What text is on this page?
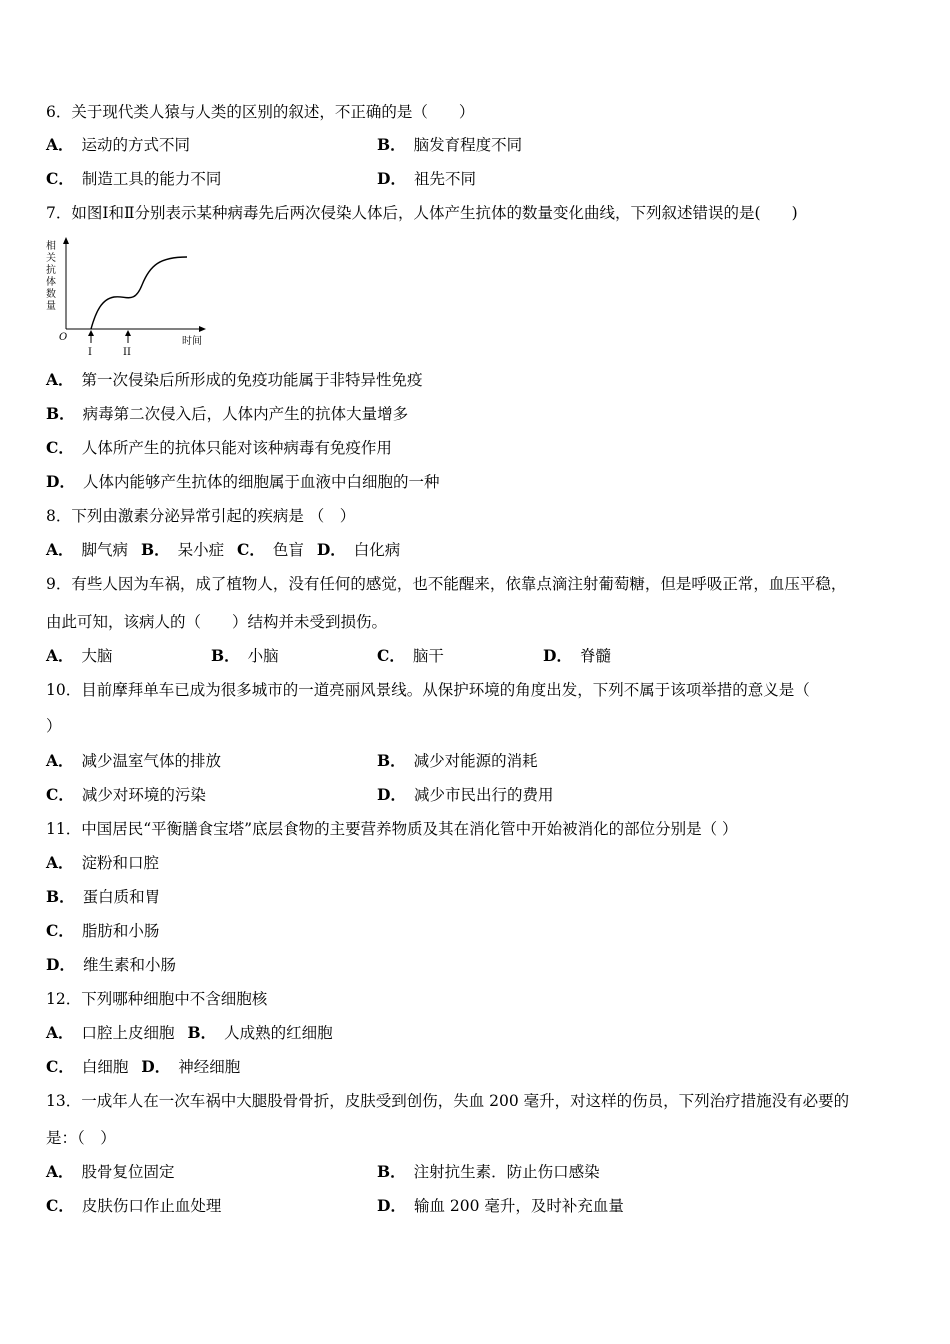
6．关于现代类人猿与人类的区别的叙述，不正确的是（　　）
A． 运动的方式不同	B． 脑发育程度不同
C． 制造工具的能力不同	D． 祖先不同
7．如图Ⅰ和Ⅱ分别表示某种病毒先后两次侵染人体后，人体产生抗体的数量变化曲线，下列叙述错误的是(　　)
相
关
抗
体
数
量
O	时间
I	II
A． 第一次侵染后所形成的免疫功能属于非特异性免疫
B． 病毒第二次侵入后，人体内产生的抗体大量增多
C． 人体所产生的抗体只能对该种病毒有免疫作用
D． 人体内能够产生抗体的细胞属于血液中白细胞的一种
8．下列由激素分泌异常引起的疾病是 （　）
A． 脚气病 B． 呆小症 C． 色盲 D． 白化病
9．有些人因为车祸，成了植物人，没有任何的感觉，也不能醒来，依靠点滴注射葡萄糖，但是呼吸正常，血压平稳，
由此可知，该病人的（　　）结构并未受到损伤。
A． 大脑	B． 小脑	C． 脑干	D． 脊髓
10．目前摩拜单车已成为很多城市的一道亮丽风景线。从保护环境的角度出发，下列不属于该项举措的意义是（
）
A． 减少温室气体的排放	B． 减少对能源的消耗
C． 减少对环境的污染	D． 减少市民出行的费用
11．中国居民“平衡膳食宝塔”底层食物的主要营养物质及其在消化管中开始被消化的部位分别是（ ）
A． 淀粉和口腔
B． 蛋白质和胃
C． 脂肪和小肠
D． 维生素和小肠
12．下列哪种细胞中不含细胞核
A． 口腔上皮细胞 B． 人成熟的红细胞
C． 白细胞 D． 神经细胞
13．一成年人在一次车祸中大腿股骨骨折，皮肤受到创伤，失血 200 毫升，对这样的伤员，下列治疗措施没有必要的
是：（　）
A． 股骨复位固定	B． 注射抗生素．防止伤口感染
C． 皮肤伤口作止血处理	D． 输血 200 毫升，及时补充血量
